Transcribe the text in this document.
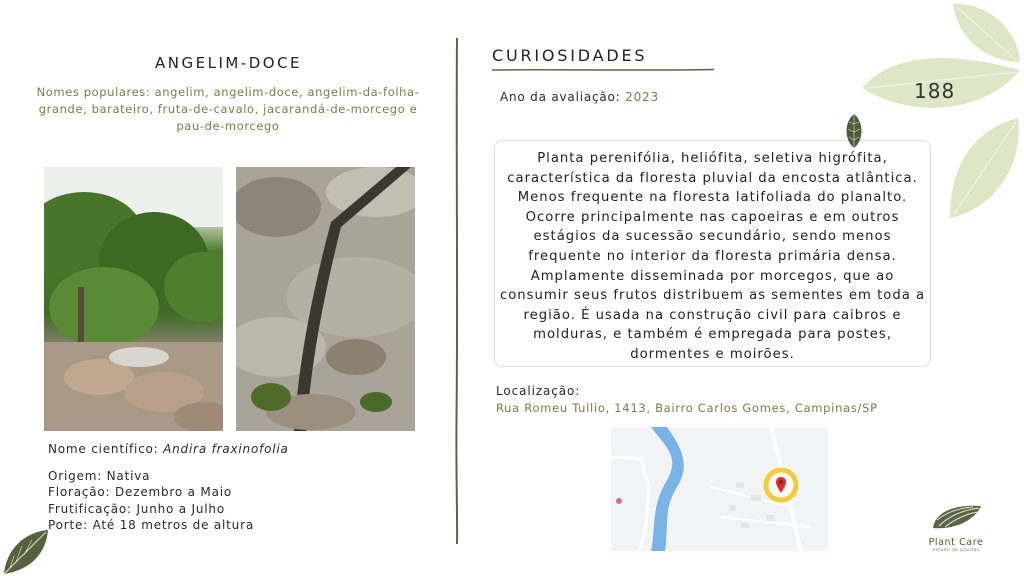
ANGELIM-DOCE
Nomes populares: angelim, angelim-doce, angelim-da-folha-grande, barateiro, fruta-de-cavalo, jacarandá-de-morcego e pau-de-morcego
Nome científico: Andira fraxinofolia
Origem: Nativa
Floração: Dezembro a Maio
Frutificação: Junho a Julho
Porte: Até 18 metros de altura
CURIOSIDADES
Ano da avaliação: 2023

Planta perenifólia, heliófita, seletiva higrófita, característica da floresta pluvial da encosta atlântica. Menos frequente na floresta latifoliada do planalto. Ocorre principalmente nas capoeiras e em outros estágios da sucessão secundário, sendo menos frequente no interior da floresta primária densa. Amplamente disseminada por morcegos, que ao consumir seus frutos distribuem as sementes em toda a região. É usada na construção civil para caibros e molduras, e também é empregada para postes, dormentes e moirões.

Localização:
Rua Romeu Tullio, 1413, Bairro Carlos Gomes, Campinas/SP
188
Plant Care
estudo de plantas
